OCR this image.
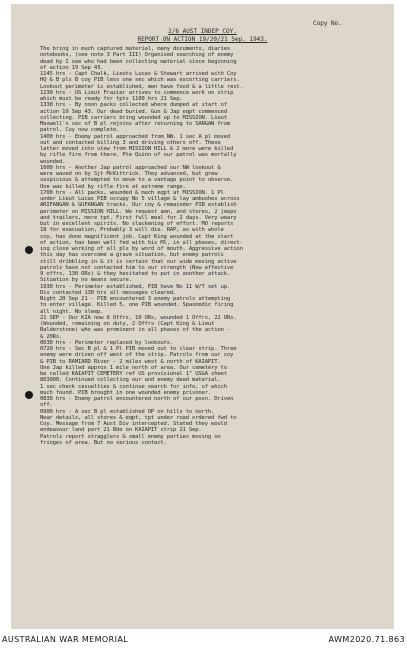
Copy No.
2/6 AUST INDEP COY.
REPORT ON ACTION 19/20/21 Sep. 1943.
The bring in much captured material, many documents, diaries
notebooks, (see note 3 Part III) Organised searching of enemy
dead by I see who had been collecting material since beginning
of action 19 Sep 43.
1145 hrs - Capt Chalk, Lieuts Lucas & Stewart arrived with Coy
HQ & B pls B coy PIB less one sec which was escorting carriers.
Lookout perimeter is established, men have food & a little rest.
1230 hrs - US Lieut Frazier arrives to commence work on strip
which must be ready for tpts 1100 hrs 21 Sep.
1330 hrs - By noon packs collected where dumped at start of
action 19 Sep 43. Our dead buried. Gun & Jap eqpt commenced
collecting. PIB carriers bring wounded up to MISSION. Lieut
Maxwell's sec of B pl rejoins after returning to SANGAN from
patrol. Coy now complete.
1400 hrs - Enemy patrol approached from NW. 1 sec A pl moved
out and contacted killing 3 and driving others off. These
latter moved into view from MISSION HILL & 2 more were killed
by rifle fire from there. Pte Quinn of our patrol was mortally
wounded.
1600 hrs - Another Jap patrol approached our NW lookout &
were waved on by Sjt McKittrick. They advanced, but grew
suspicious & attempted to move to a vantage point to observe.
One was killed by rifle fire at extreme range.
1700 hrs - All packs, wounded & much eqpt at MISSION. 1 Pl
under Lieut Lucas PIB occupy No 5 village & lay ambushes across
ARIFANGAN & GUFANGAN tracks. Our coy & remainder PIB establish
perimeter on MISSION HILL. We request amn, and stores, 2 jeeps
and trailers, more tpt. First full meal for 2 days. Very weary
but in excellent spirits. No slackening of effort. MO reports
18 for evacuation, Probably 3 will die. RAP, as with whole
coy, has done magnificent job. Capt King wounded at the start
of action, has been well fed with his Ml, in all phases, direct-
ing close working of all pls by word of mouth. Aggressive action
this day has overcome a grave situation, but enemy patrols
still dribbling in & it is certain that our wide moving active
patrols have not contacted him to our strength (Now effective
9 offrs, 130 ORs) & they hesitated to put in another attack.
Situation by no means secure.
1930 hrs - Perimeter established, PIB have No 11 W/T set up.
Div contacted 130 hrs all messages cleared.
Night 20 Sep 21 - PIB encountered 3 enemy patrols attempting
to enter village. Killed 5, one PIB wounded. Spasmodic firing
all night. No sleep.
21 SEP - Our KIA now 8 Offrs, 10 ORs, wounded 1 Offrs, 22 ORs.
(Wounded, remaining on duty, 2 Offrs (Capt King & Lieut
Balderstone) who was prominent in all phases of the action -
& 20Rs.
0630 hrs - Perimeter replaced by lookouts.
0720 hrs - Sec B pl & 1 Pl PIB moved out to clear strip. Three
enemy were driven off west of the strip. Patrols from our coy
& PIB to RAMIARD River - 2 miles west & north of KAIAPIT.
One Jap killed approx 1 mile north of area. Our cemetery to
be called KAIAPIT CEMETERY ref US provisional 1" USGA sheet
803900. Continued collecting our and enemy dead material.
1 sec check casualties & continue search for info, of which
much found. PIB brought in one wounded enemy prisoner.
0830 hrs - Enemy patrol encountered north of our posn. Driven
off.
0900 hrs - A sec B pl established OP on hills to north.
Near details, all stores & eqpt, tpt under road ordered fwd to
Coy. Message from 7 Aust Div intercepted. Stated they would
endeavour land part 21 Bde on KAIAPIT strip 21 Sep.
Patrols report stragglers & small enemy parties moving on
fringes of area. But no serious contact.
AUSTRALIAN WAR MEMORIAL	AWM2020.71.863
